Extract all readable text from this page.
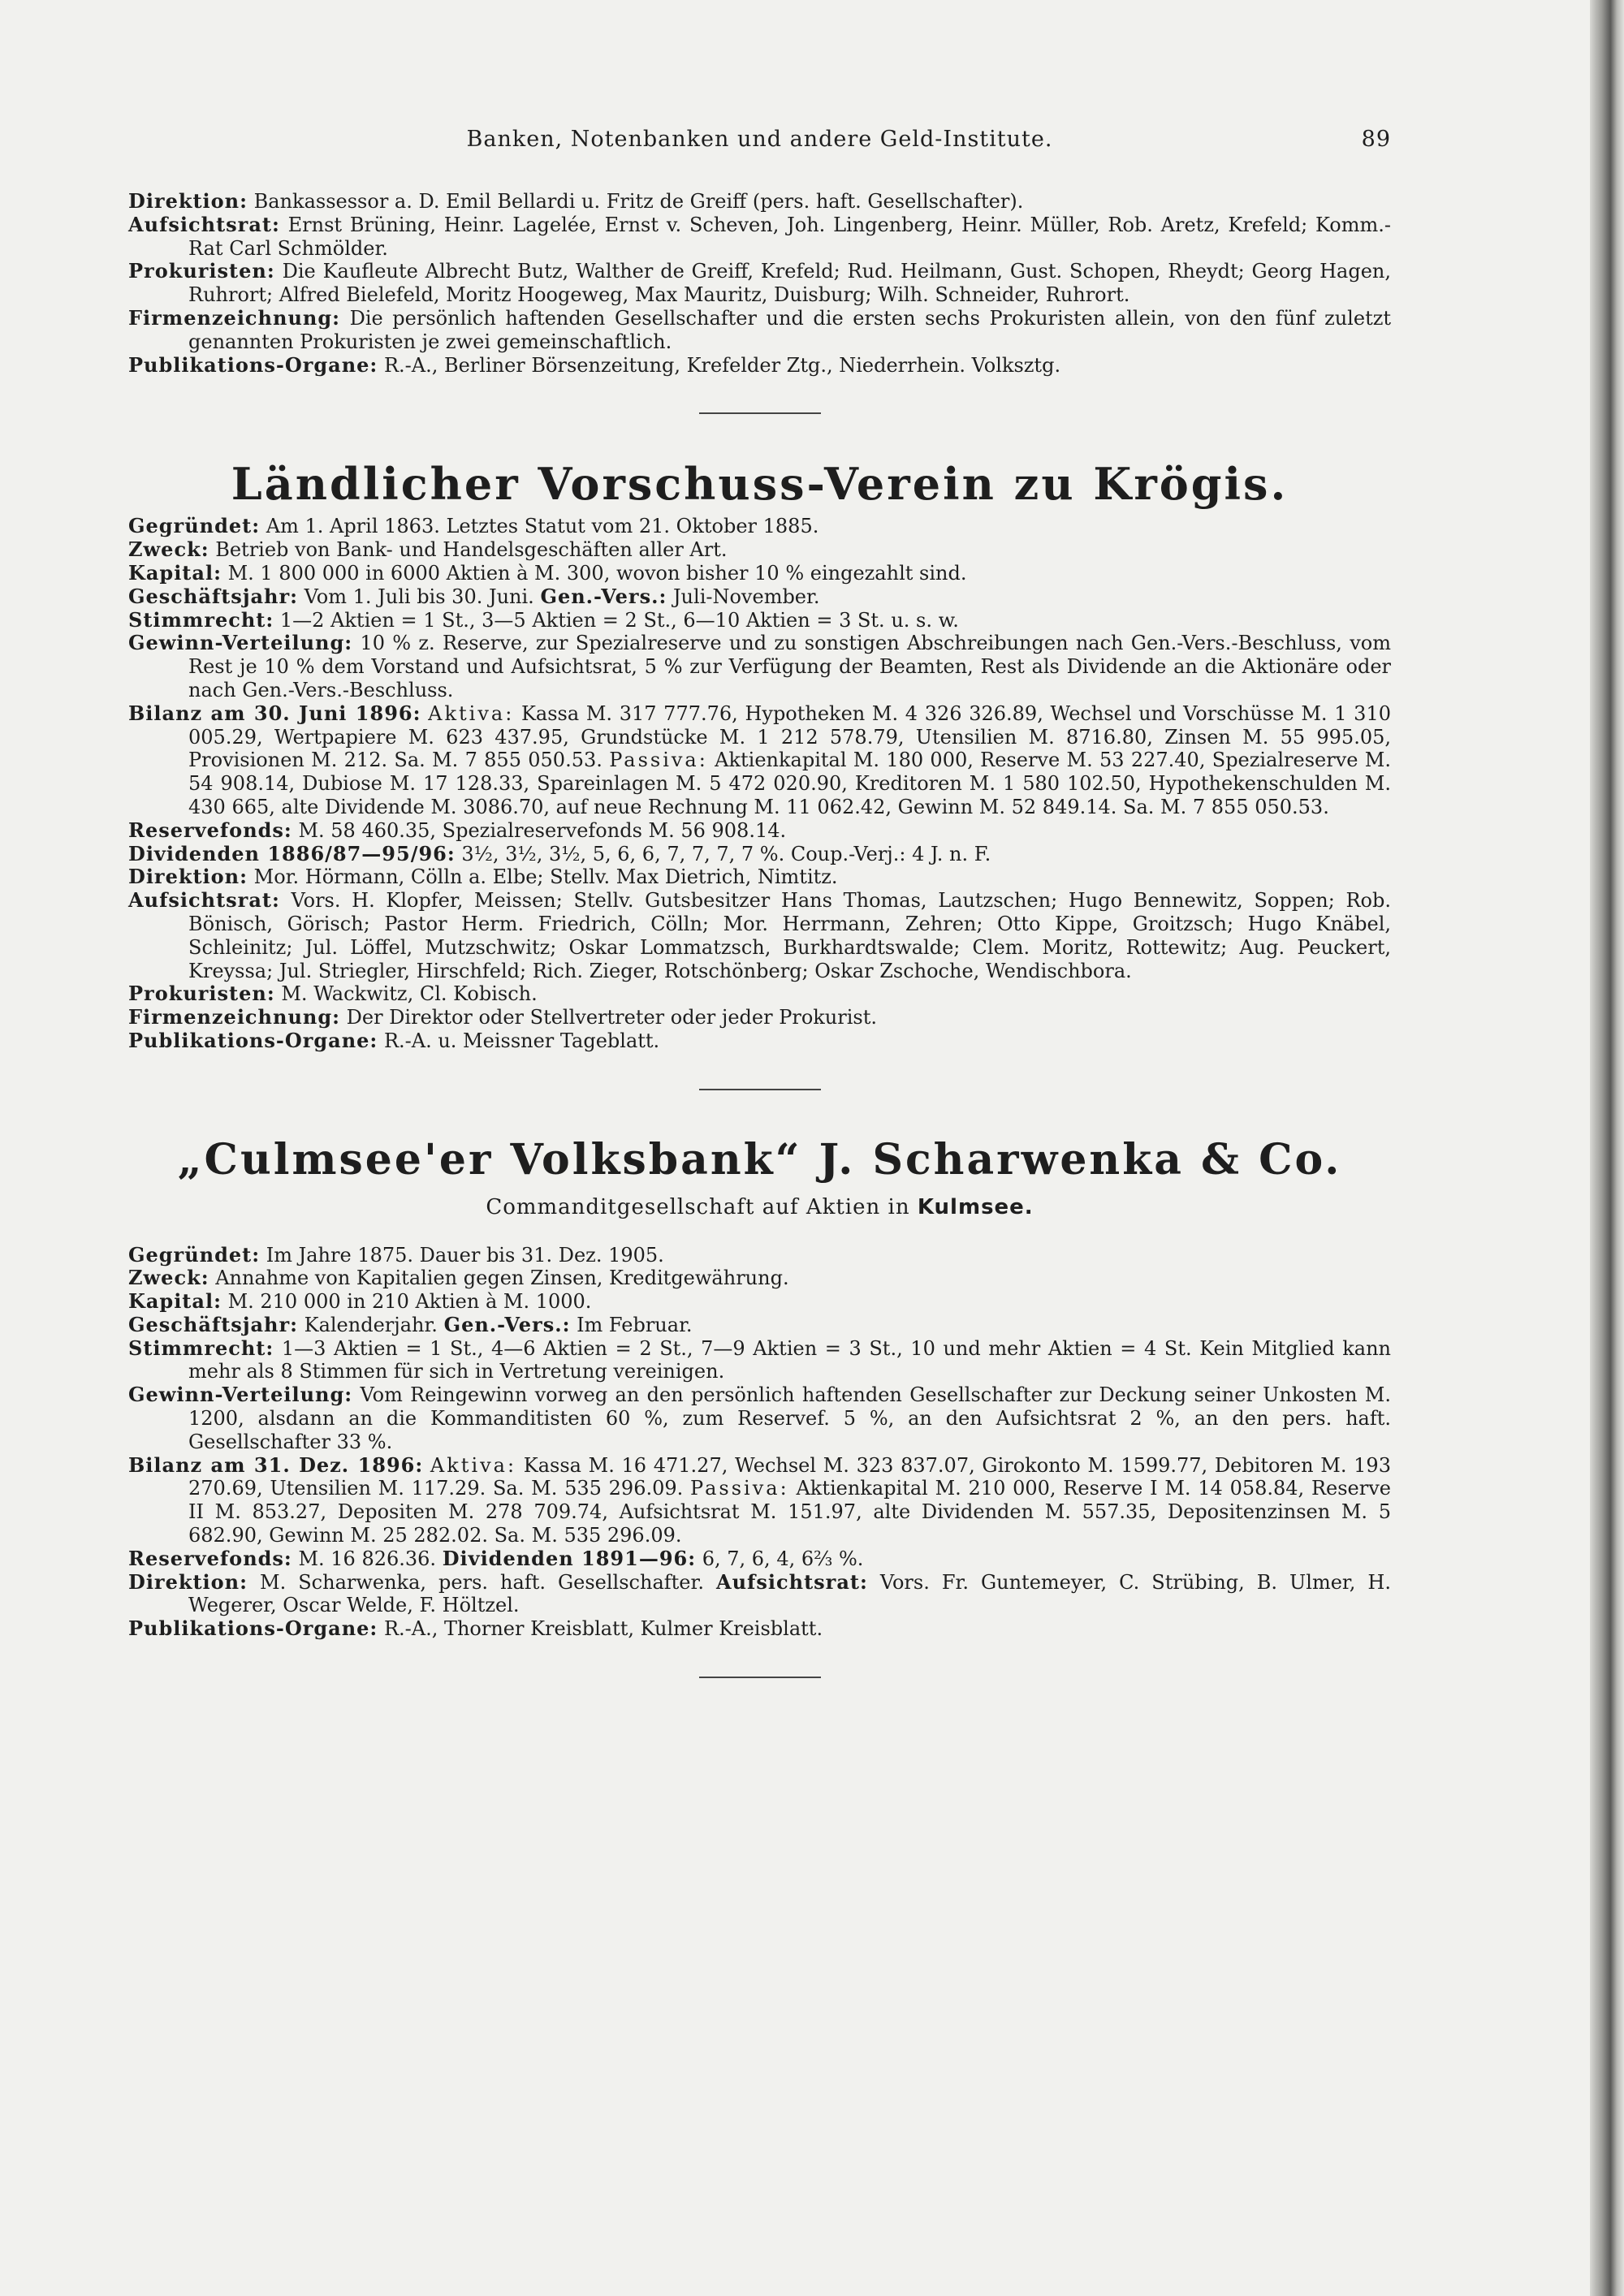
Banken, Notenbanken und andere Geld-Institute.	89

Direktion: Bankassessor a. D. Emil Bellardi u. Fritz de Greiff (pers. haft. Gesellschafter).

Aufsichtsrat: Ernst Brüning, Heinr. Lagelée, Ernst v. Scheven, Joh. Lingenberg, Heinr. Müller, Rob. Aretz, Krefeld; Komm.-Rat Carl Schmölder.

Prokuristen: Die Kaufleute Albrecht Butz, Walther de Greiff, Krefeld; Rud. Heilmann, Gust. Schopen, Rheydt; Georg Hagen, Ruhrort; Alfred Bielefeld, Moritz Hoogeweg, Max Mauritz, Duisburg; Wilh. Schneider, Ruhrort.

Firmenzeichnung: Die persönlich haftenden Gesellschafter und die ersten sechs Prokuristen allein, von den fünf zuletzt genannten Prokuristen je zwei gemeinschaftlich.

Publikations-Organe: R.-A., Berliner Börsenzeitung, Krefelder Ztg., Niederrhein. Volksztg.

Ländlicher Vorschuss-Verein zu Krögis.

Gegründet: Am 1. April 1863. Letztes Statut vom 21. Oktober 1885.

Zweck: Betrieb von Bank- und Handelsgeschäften aller Art.

Kapital: M. 1 800 000 in 6000 Aktien à M. 300, wovon bisher 10 % eingezahlt sind.

Geschäftsjahr: Vom 1. Juli bis 30. Juni. Gen.-Vers.: Juli-November.

Stimmrecht: 1—2 Aktien = 1 St., 3—5 Aktien = 2 St., 6—10 Aktien = 3 St. u. s. w.

Gewinn-Verteilung: 10 % z. Reserve, zur Spezialreserve und zu sonstigen Abschreibungen nach Gen.-Vers.-Beschluss, vom Rest je 10 % dem Vorstand und Aufsichtsrat, 5 % zur Verfügung der Beamten, Rest als Dividende an die Aktionäre oder nach Gen.-Vers.-Beschluss.

Bilanz am 30. Juni 1896: Aktiva: Kassa M. 317 777.76, Hypotheken M. 4 326 326.89, Wechsel und Vorschüsse M. 1 310 005.29, Wertpapiere M. 623 437.95, Grundstücke M. 1 212 578.79, Utensilien M. 8716.80, Zinsen M. 55 995.05, Provisionen M. 212. Sa. M. 7 855 050.53. Passiva: Aktienkapital M. 180 000, Reserve M. 53 227.40, Spezialreserve M. 54 908.14, Dubiose M. 17 128.33, Spareinlagen M. 5 472 020.90, Kreditoren M. 1 580 102.50, Hypothekenschulden M. 430 665, alte Dividende M. 3086.70, auf neue Rechnung M. 11 062.42, Gewinn M. 52 849.14. Sa. M. 7 855 050.53.

Reservefonds: M. 58 460.35, Spezialreservefonds M. 56 908.14.

Dividenden 1886/87—95/96: 3½, 3½, 3½, 5, 6, 6, 7, 7, 7, 7 %. Coup.-Verj.: 4 J. n. F.

Direktion: Mor. Hörmann, Cölln a. Elbe; Stellv. Max Dietrich, Nimtitz.

Aufsichtsrat: Vors. H. Klopfer, Meissen; Stellv. Gutsbesitzer Hans Thomas, Lautzschen; Hugo Bennewitz, Soppen; Rob. Bönisch, Görisch; Pastor Herm. Friedrich, Cölln; Mor. Herrmann, Zehren; Otto Kippe, Groitzsch; Hugo Knäbel, Schleinitz; Jul. Löffel, Mutzschwitz; Oskar Lommatzsch, Burkhardtswalde; Clem. Moritz, Rottewitz; Aug. Peuckert, Kreyssa; Jul. Striegler, Hirschfeld; Rich. Zieger, Rotschönberg; Oskar Zschoche, Wendischbora.

Prokuristen: M. Wackwitz, Cl. Kobisch.

Firmenzeichnung: Der Direktor oder Stellvertreter oder jeder Prokurist.

Publikations-Organe: R.-A. u. Meissner Tageblatt.

„Culmsee'er Volksbank“ J. Scharwenka & Co.

Commanditgesellschaft auf Aktien in Kulmsee.

Gegründet: Im Jahre 1875. Dauer bis 31. Dez. 1905.

Zweck: Annahme von Kapitalien gegen Zinsen, Kreditgewährung.

Kapital: M. 210 000 in 210 Aktien à M. 1000.

Geschäftsjahr: Kalenderjahr. Gen.-Vers.: Im Februar.

Stimmrecht: 1—3 Aktien = 1 St., 4—6 Aktien = 2 St., 7—9 Aktien = 3 St., 10 und mehr Aktien = 4 St. Kein Mitglied kann mehr als 8 Stimmen für sich in Vertretung vereinigen.

Gewinn-Verteilung: Vom Reingewinn vorweg an den persönlich haftenden Gesellschafter zur Deckung seiner Unkosten M. 1200, alsdann an die Kommanditisten 60 %, zum Reservef. 5 %, an den Aufsichtsrat 2 %, an den pers. haft. Gesellschafter 33 %.

Bilanz am 31. Dez. 1896: Aktiva: Kassa M. 16 471.27, Wechsel M. 323 837.07, Girokonto M. 1599.77, Debitoren M. 193 270.69, Utensilien M. 117.29. Sa. M. 535 296.09. Passiva: Aktienkapital M. 210 000, Reserve I M. 14 058.84, Reserve II M. 853.27, Depositen M. 278 709.74, Aufsichtsrat M. 151.97, alte Dividenden M. 557.35, Depositenzinsen M. 5 682.90, Gewinn M. 25 282.02. Sa. M. 535 296.09.

Reservefonds: M. 16 826.36. Dividenden 1891—96: 6, 7, 6, 4, 6⅔ %.

Direktion: M. Scharwenka, pers. haft. Gesellschafter. Aufsichtsrat: Vors. Fr. Guntemeyer, C. Strübing, B. Ulmer, H. Wegerer, Oscar Welde, F. Höltzel.

Publikations-Organe: R.-A., Thorner Kreisblatt, Kulmer Kreisblatt.
